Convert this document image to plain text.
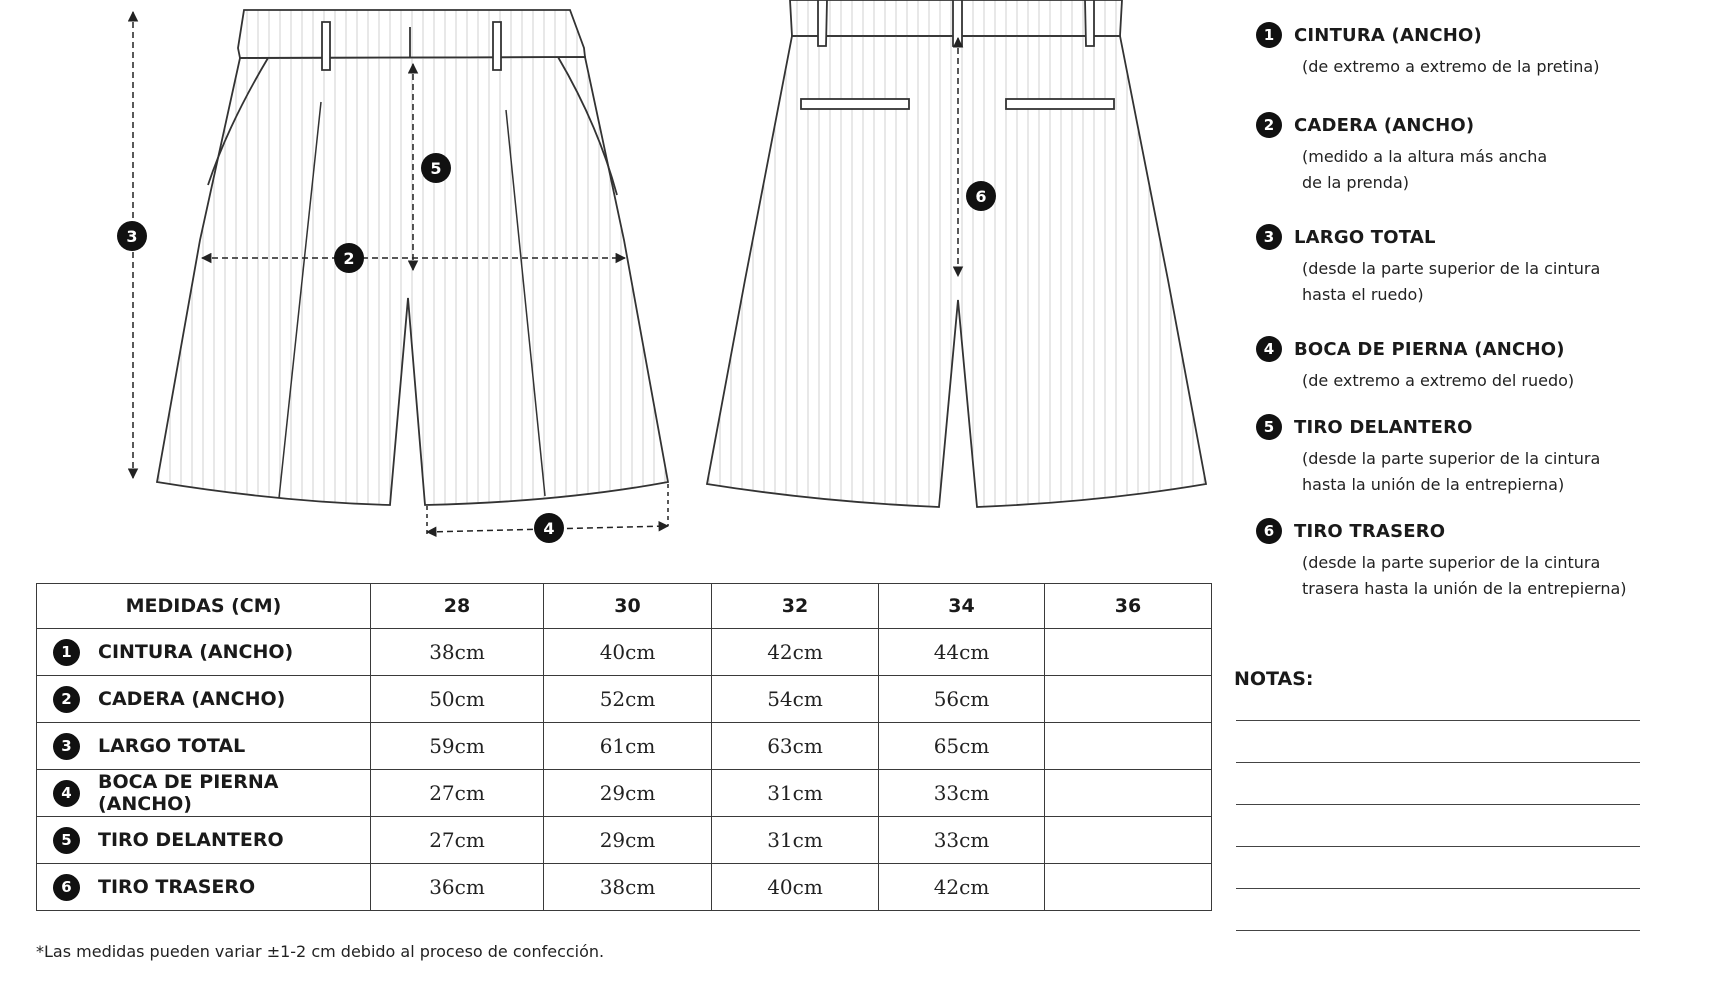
5
3
2
4
6
1	CINTURA (ANCHO)
(de extremo a extremo de la pretina)
2	CADERA (ANCHO)
(medido a la altura más ancha
de la prenda)
3	LARGO TOTAL
(desde la parte superior de la cintura
hasta el ruedo)
4	BOCA DE PIERNA (ANCHO)
(de extremo a extremo del ruedo)
5	TIRO DELANTERO
(desde la parte superior de la cintura
hasta la unión de la entrepierna)
6	TIRO TRASERO
(desde la parte superior de la cintura
trasera hasta la unión de la entrepierna)
MEDIDAS (CM)	28	30	32	34	36

1 CINTURA (ANCHO)	38cm	40cm	42cm	44cm	

2 CADERA (ANCHO)	50cm	52cm	54cm	56cm	

3 LARGO TOTAL	59cm	61cm	63cm	65cm	

4 BOCA DE PIERNA (ANCHO)	27cm	29cm	31cm	33cm	

5 TIRO DELANTERO	27cm	29cm	31cm	33cm	

6 TIRO TRASERO	36cm	38cm	40cm	42cm	
*Las medidas pueden variar ±1-2 cm debido al proceso de confección.
NOTAS:
